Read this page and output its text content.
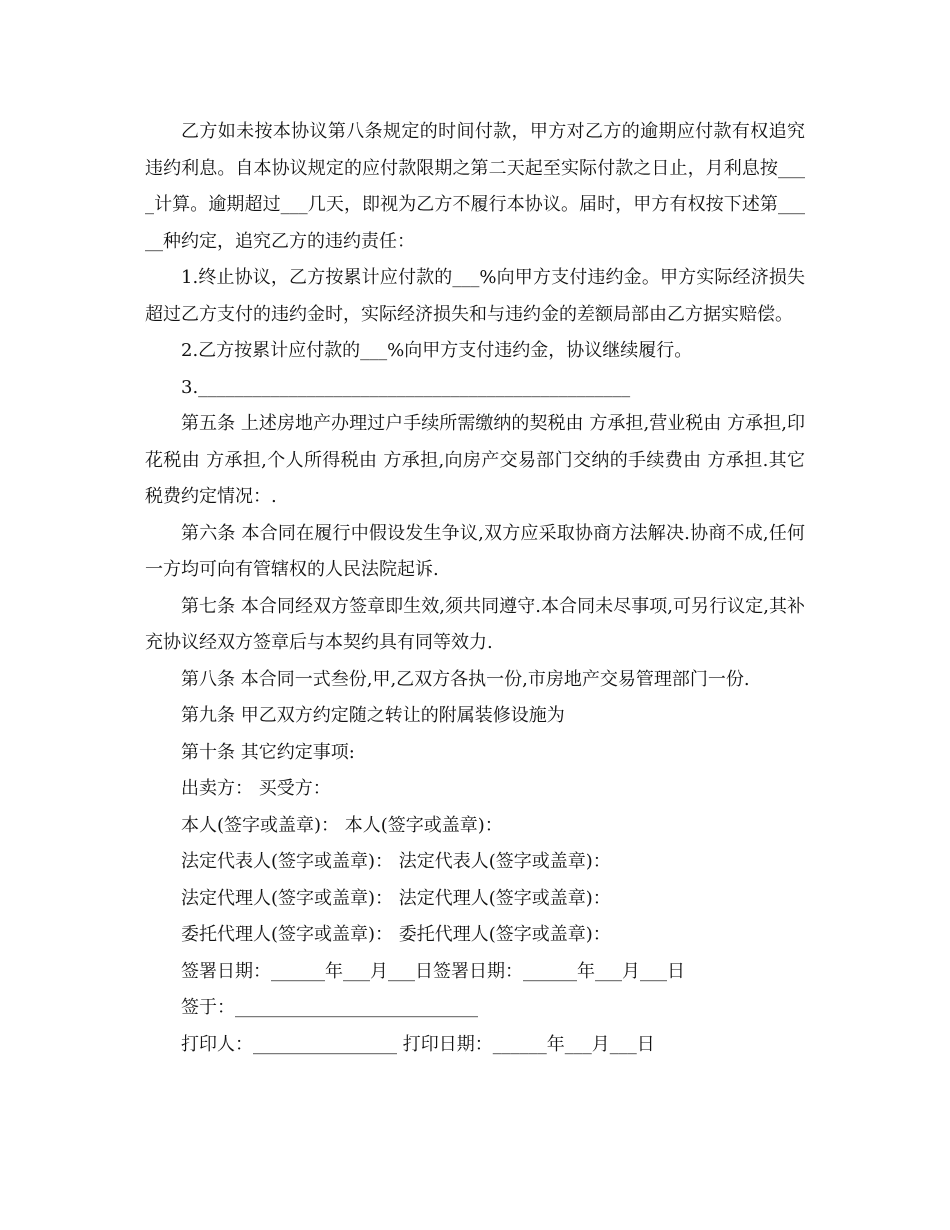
乙方如未按本协议第八条规定的时间付款，甲方对乙方的逾期应付款有权追究违约利息。自本协议规定的应付款限期之第二天起至实际付款之日止，月利息按____计算。逾期超过___几天，即视为乙方不履行本协议。届时，甲方有权按下述第_____种约定，追究乙方的违约责任：

1.终止协议，乙方按累计应付款的___%向甲方支付违约金。甲方实际经济损失超过乙方支付的违约金时，实际经济损失和与违约金的差额局部由乙方据实赔偿。

2.乙方按累计应付款的___%向甲方支付违约金，协议继续履行。

3.________________________________________________

第五条 上述房地产办理过户手续所需缴纳的契税由 方承担,营业税由 方承担,印花税由 方承担,个人所得税由 方承担,向房产交易部门交纳的手续费由 方承担.其它税费约定情况：.

第六条 本合同在履行中假设发生争议,双方应采取协商方法解决.协商不成,任何一方均可向有管辖权的人民法院起诉.

第七条 本合同经双方签章即生效,须共同遵守.本合同未尽事项,可另行议定,其补充协议经双方签章后与本契约具有同等效力.

第八条 本合同一式叁份,甲,乙双方各执一份,市房地产交易管理部门一份.

第九条 甲乙双方约定随之转让的附属装修设施为

第十条 其它约定事项:

出卖方： 买受方：

本人(签字或盖章)： 本人(签字或盖章)：

法定代表人(签字或盖章)： 法定代表人(签字或盖章)：

法定代理人(签字或盖章)： 法定代理人(签字或盖章)：

委托代理人(签字或盖章)： 委托代理人(签字或盖章)：

签署日期：______年___月___日签署日期：______年___月___日

签于：___________________________

打印人：________________ 打印日期：______年___月___日
